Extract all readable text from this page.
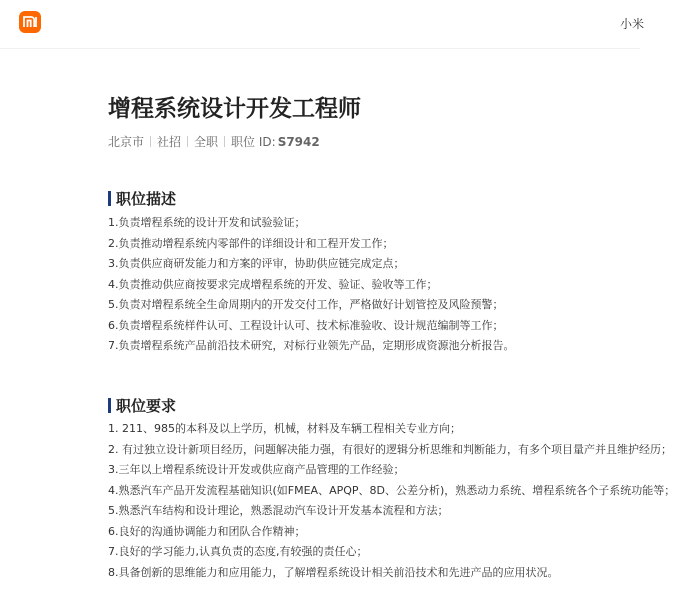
小米
增程系统设计开发工程师
北京市 社招 全职 职位 ID: S7942
职位描述
1.负责增程系统的设计开发和试验验证；
2.负责推动增程系统内零部件的详细设计和工程开发工作；
3.负责供应商研发能力和方案的评审，协助供应链完成定点；
4.负责推动供应商按要求完成增程系统的开发、验证、验收等工作；
5.负责对增程系统全生命周期内的开发交付工作，严格做好计划管控及风险预警；
6.负责增程系统样件认可、工程设计认可、技术标准验收、设计规范编制等工作；
7.负责增程系统产品前沿技术研究，对标行业领先产品，定期形成资源池分析报告。
职位要求
1. 211、985的本科及以上学历，机械，材料及车辆工程相关专业方向；
2. 有过独立设计新项目经历，问题解决能力强，有很好的逻辑分析思维和判断能力，有多个项目量产并且维护经历；
3.三年以上增程系统设计开发或供应商产品管理的工作经验；
4.熟悉汽车产品开发流程基础知识(如FMEA、APQP、8D、公差分析)，熟悉动力系统、增程系统各个子系统功能等；
5.熟悉汽车结构和设计理论，熟悉混动汽车设计开发基本流程和方法；
6.良好的沟通协调能力和团队合作精神；
7.良好的学习能力,认真负责的态度,有较强的责任心；
8.具备创新的思维能力和应用能力，了解增程系统设计相关前沿技术和先进产品的应用状况。
